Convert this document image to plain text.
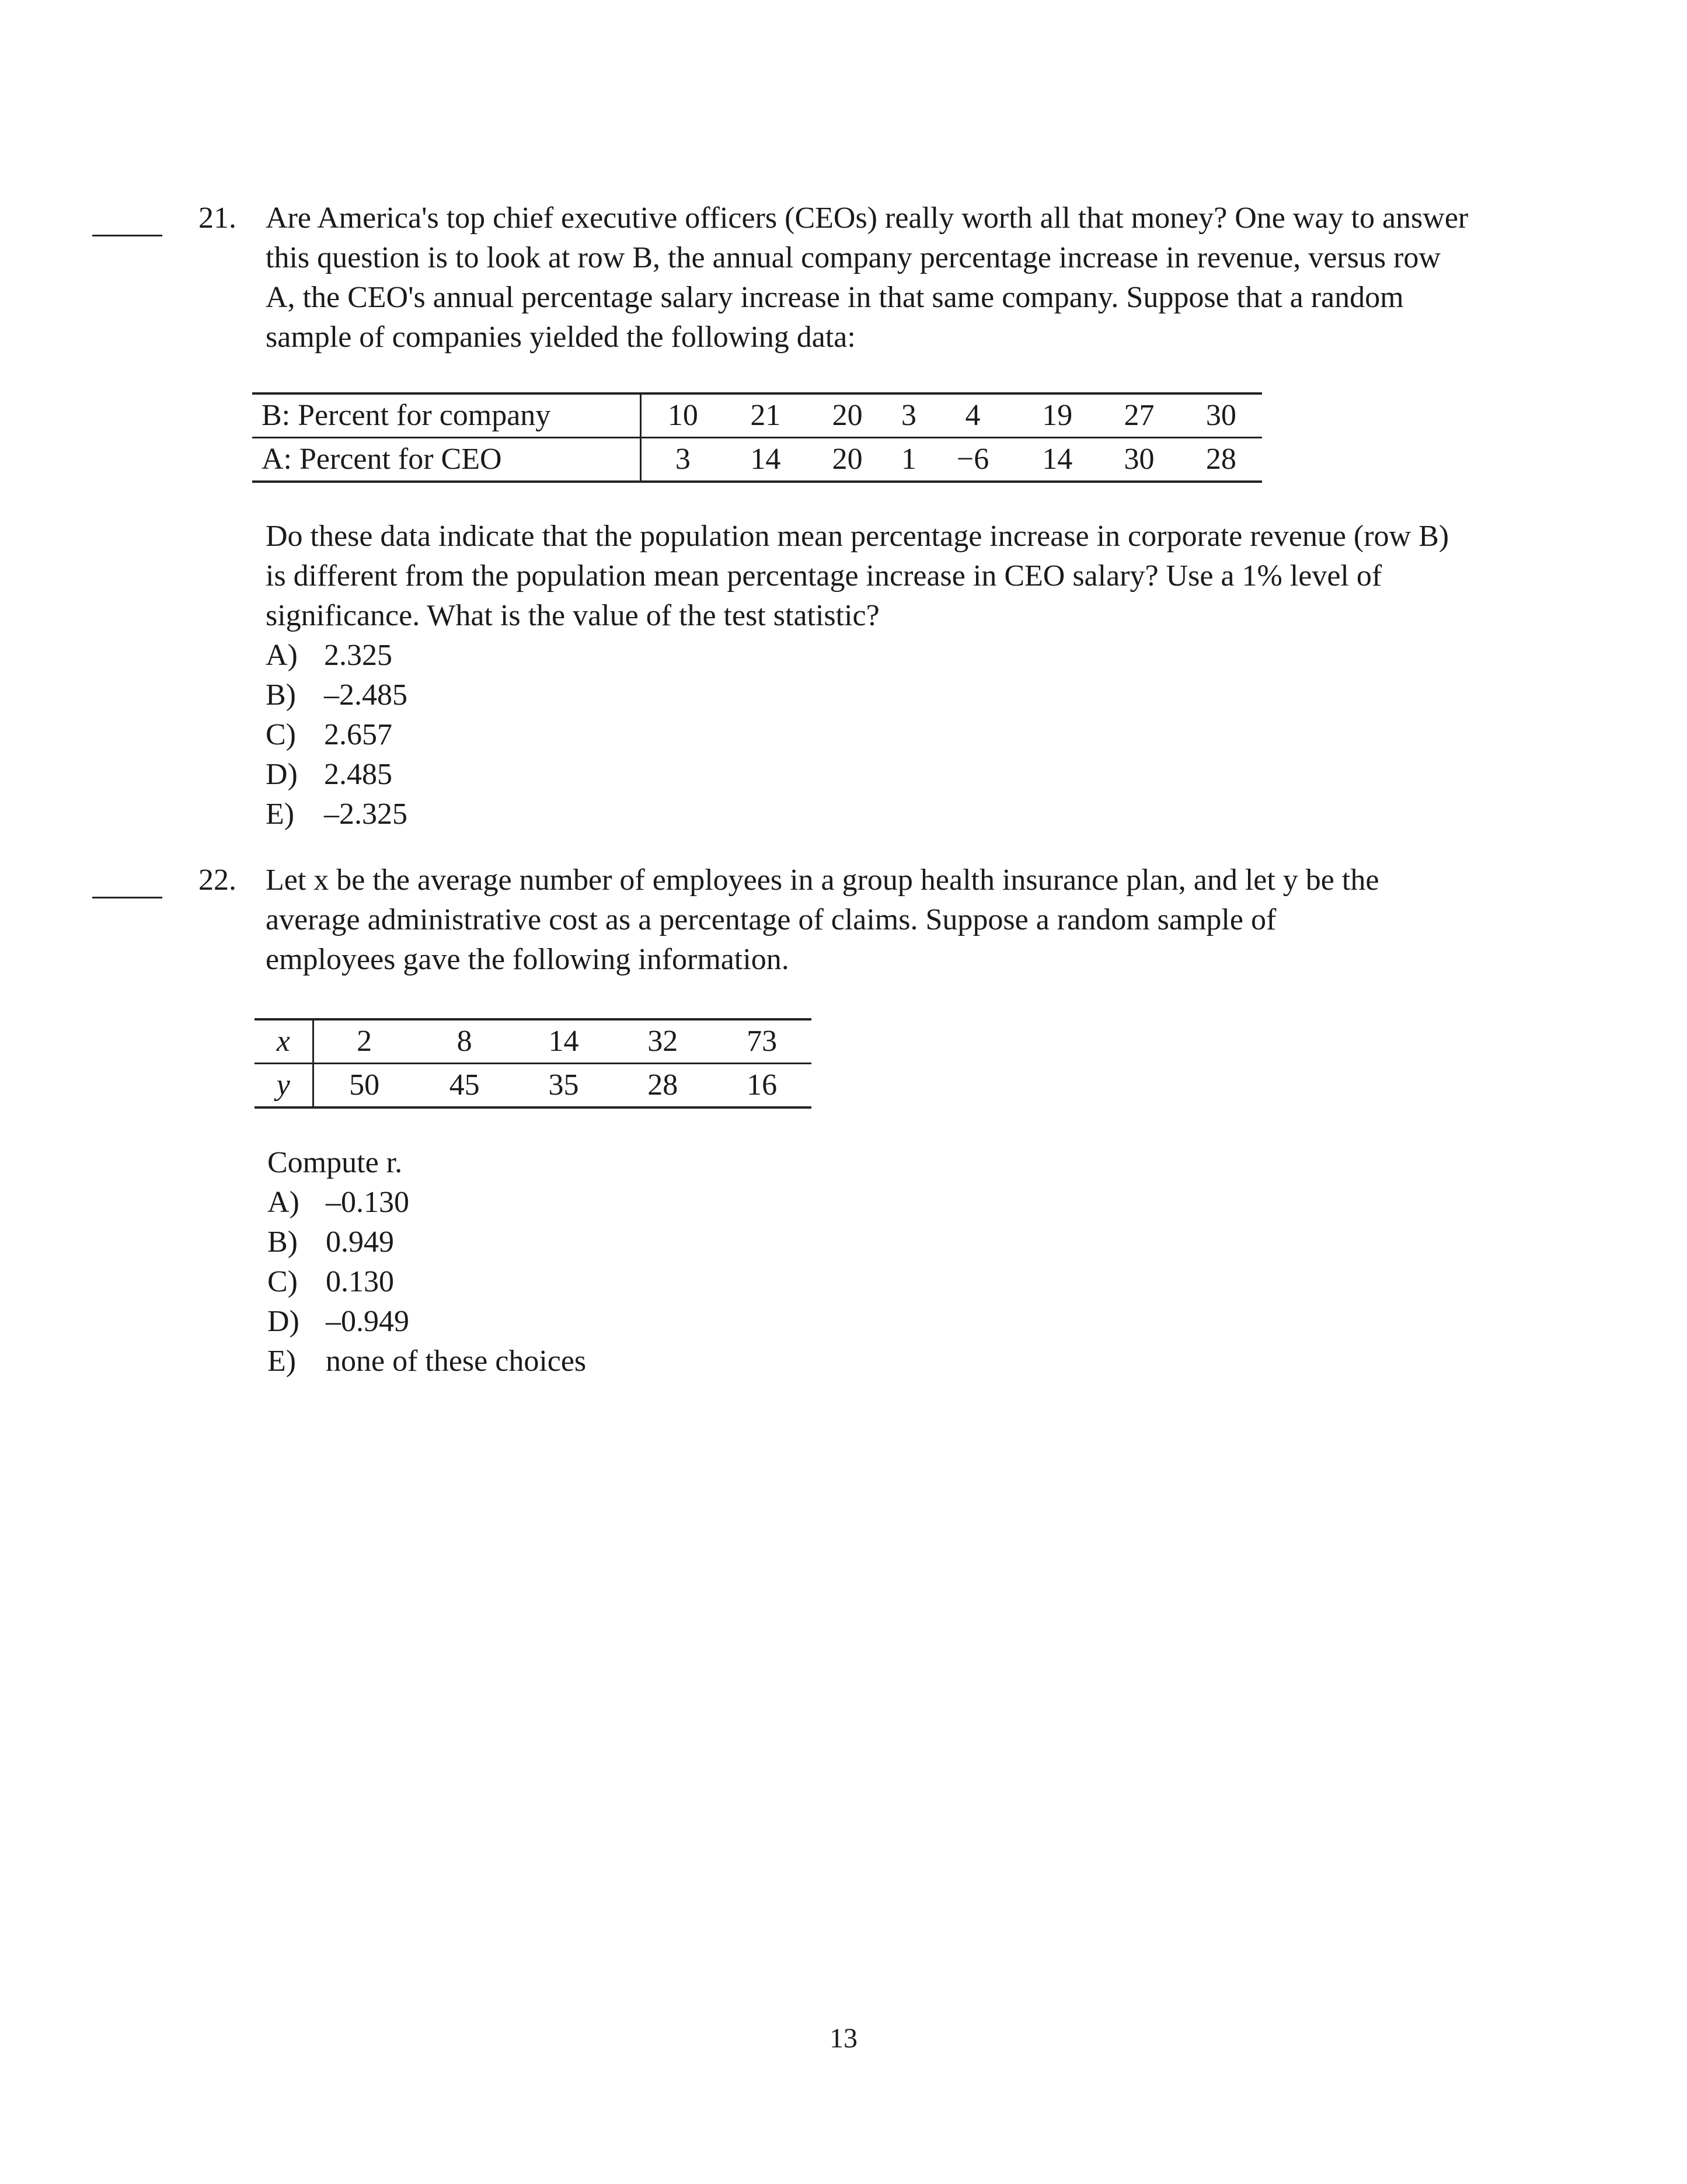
21. Are America's top chief executive officers (CEOs) really worth all that money? One way to answer
this question is to look at row B, the annual company percentage increase in revenue, versus row
A, the CEO's annual percentage salary increase in that same company. Suppose that a random
sample of companies yielded the following data:
B: Percent for company	10	21	20	3	4	19	27	30
A: Percent for CEO	3	14	20	1	−6	14	30	28
Do these data indicate that the population mean percentage increase in corporate revenue (row B)
is different from the population mean percentage increase in CEO salary? Use a 1% level of
significance. What is the value of the test statistic?
A) 2.325
B) –2.485
C) 2.657
D) 2.485
E) –2.325
22. Let x be the average number of employees in a group health insurance plan, and let y be the
average administrative cost as a percentage of claims. Suppose a random sample of
employees gave the following information.
x	2	8	14	32	73
y	50	45	35	28	16
Compute r.
A) –0.130
B) 0.949
C) 0.130
D) –0.949
E) none of these choices
13
